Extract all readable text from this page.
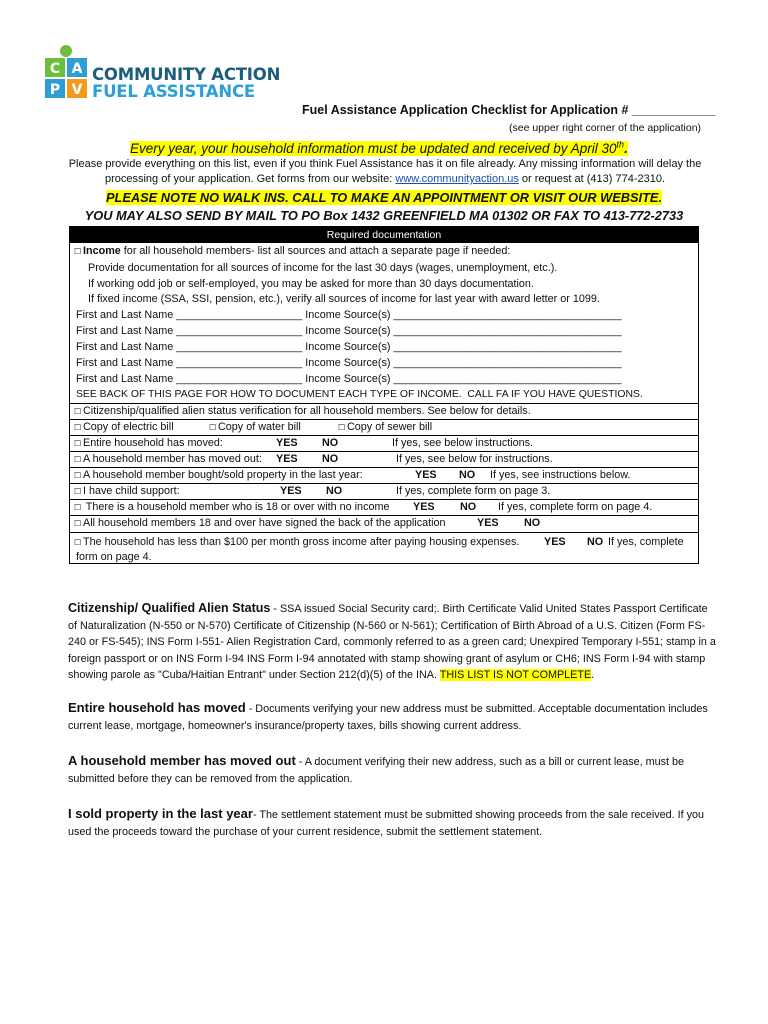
C A
P V
COMMUNITY ACTION
FUEL ASSISTANCE
Fuel Assistance Application Checklist for Application # ____________
(see upper right corner of the application)
Every year, your household information must be updated and received by April 30th.
Please provide everything on this list, even if you think Fuel Assistance has it on file already. Any missing information will delay the
processing of your application. Get forms from our website: www.communityaction.us or request at (413) 774-2310.
PLEASE NOTE NO WALK INS. CALL TO MAKE AN APPOINTMENT OR VISIT OUR WEBSITE.
YOU MAY ALSO SEND BY MAIL TO PO Box 1432 GREENFIELD MA 01302 OR FAX TO 413-772-2733
Required documentation
☐ Income for all household members- list all sources and attach a separate page if needed:
Provide documentation for all sources of income for the last 30 days (wages, unemployment, etc.).
If working odd job or self-employed, you may be asked for more than 30 days documentation.
If fixed income (SSA, SSI, pension, etc.), verify all sources of income for last year with award letter or 1099.
First and Last Name _____________________ Income Source(s) ______________________________________
First and Last Name _____________________ Income Source(s) ______________________________________
First and Last Name _____________________ Income Source(s) ______________________________________
First and Last Name _____________________ Income Source(s) ______________________________________
First and Last Name _____________________ Income Source(s) ______________________________________
SEE BACK OF THIS PAGE FOR HOW TO DOCUMENT EACH TYPE OF INCOME.  CALL FA IF YOU HAVE QUESTIONS.
☐ Citizenship/qualified alien status verification for all household members. See below for details.
☐ Copy of electric bill	☐ Copy of water bill	☐ Copy of sewer bill
☐ Entire household has moved:	YES NO	If yes, see below instructions.
☐ A household member has moved out: YES NO	If yes, see below for instructions.
☐ A household member bought/sold property in the last year:	YES NO If yes, see instructions below.
☐ I have child support:	YES NO	If yes, complete form on page 3.
☐ There is a household member who is 18 or over with no income YES NO If yes, complete form on page 4.
☐ All household members 18 and over have signed the back of the application	YES NO
☐ The household has less than $100 per month gross income after paying housing expenses. YES NO If yes, complete
form on page 4.
Citizenship/ Qualified Alien Status - SSA issued Social Security card;. Birth Certificate Valid United States Passport Certificate of Naturalization (N-550 or N-570) Certificate of Citizenship (N-560 or N-561); Certification of Birth Abroad of a U.S. Citizen (Form FS-240 or FS-545); INS Form I-551- Alien Registration Card, commonly referred to as a green card; Unexpired Temporary I-551; stamp in a foreign passport or on INS Form I-94 INS Form I-94 annotated with stamp showing grant of asylum or CH6; INS Form I-94 with stamp showing parole as "Cuba/Haitian Entrant" under Section 212(d)(5) of the INA. THIS LIST IS NOT COMPLETE.
Entire household has moved - Documents verifying your new address must be submitted. Acceptable documentation includes current lease, mortgage, homeowner's insurance/property taxes, bills showing current address.
A household member has moved out - A document verifying their new address, such as a bill or current lease, must be submitted before they can be removed from the application.
I sold property in the last year- The settlement statement must be submitted showing proceeds from the sale received. If you used the proceeds toward the purchase of your current residence, submit the settlement statement.
